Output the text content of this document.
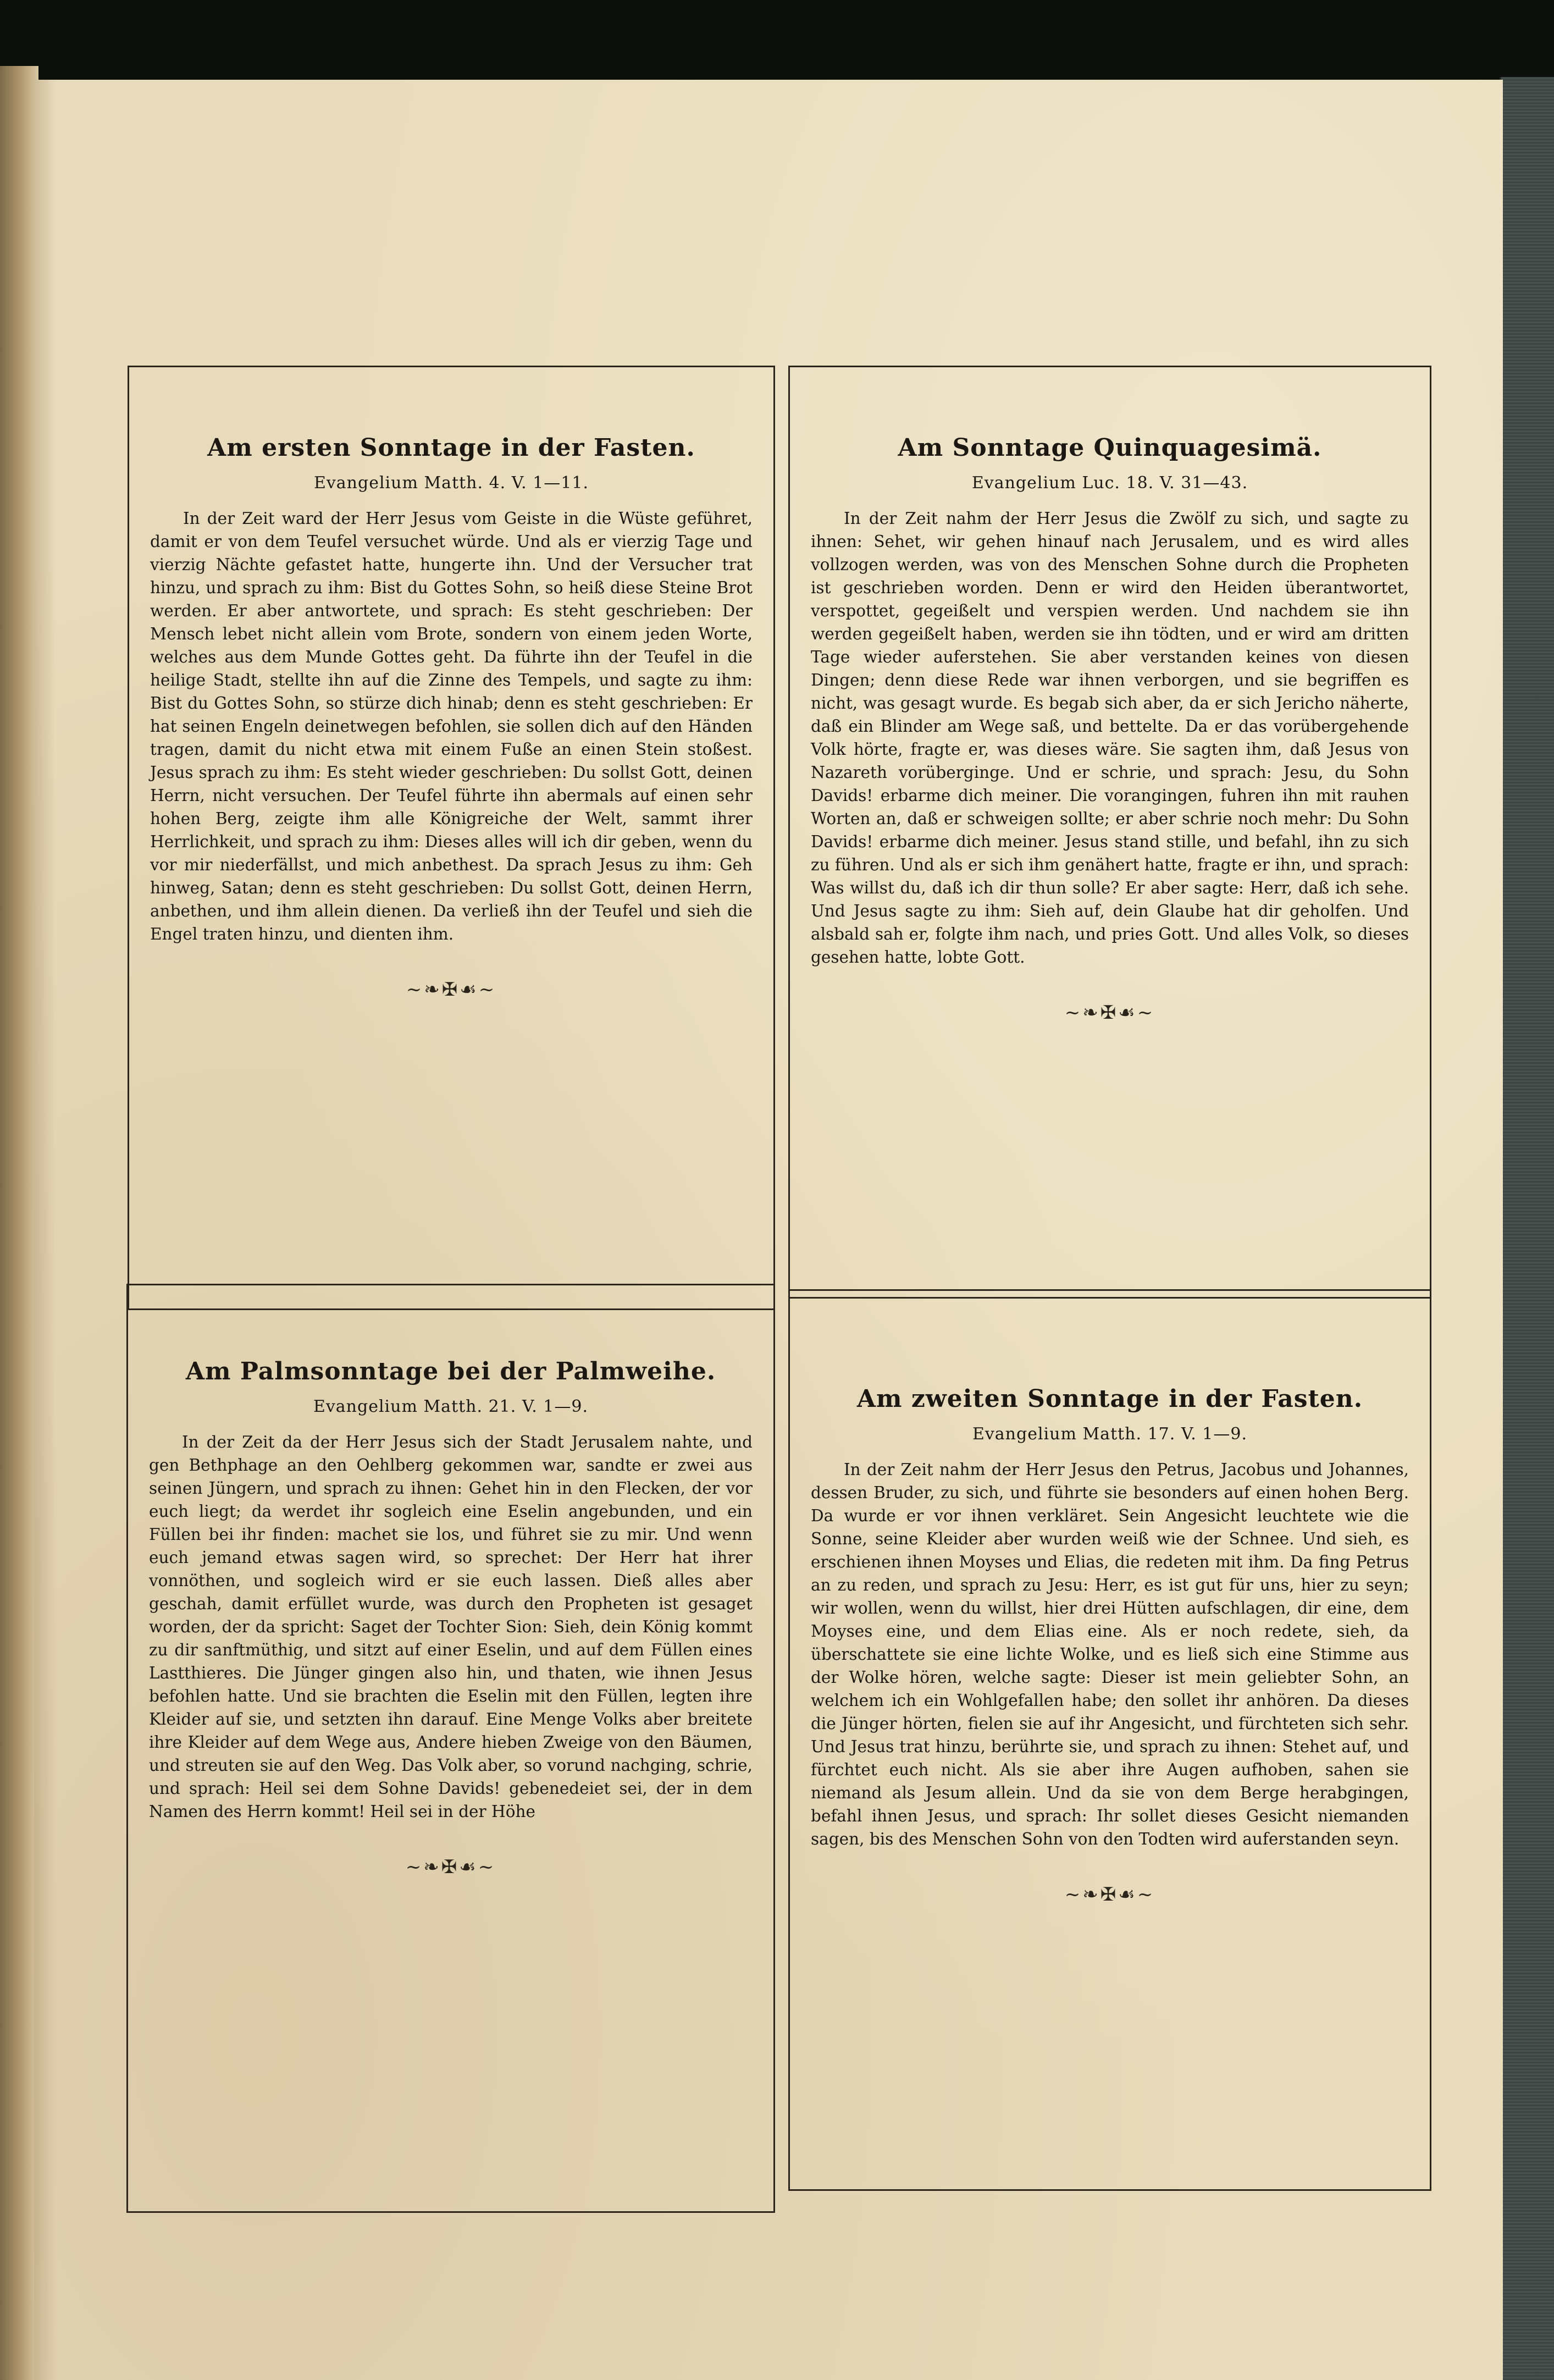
Am ersten Sonntage in der Fasten.
Evangelium Matth. 4. V. 1—11.

In der Zeit ward der Herr Jesus vom Geiste in die Wüste geführet, damit er von dem Teufel versuchet würde. Und als er vierzig Tage und vierzig Nächte gefastet hatte, hungerte ihn. Und der Versucher trat hinzu, und sprach zu ihm: Bist du Gottes Sohn, so heiß diese Steine Brot werden. Er aber antwortete, und sprach: Es steht geschrieben: Der Mensch lebet nicht allein vom Brote, sondern von einem jeden Worte, welches aus dem Munde Gottes geht. Da führte ihn der Teufel in die heilige Stadt, stellte ihn auf die Zinne des Tempels, und sagte zu ihm: Bist du Gottes Sohn, so stürze dich hinab; denn es steht geschrieben: Er hat seinen Engeln deinetwegen befohlen, sie sollen dich auf den Händen tragen, damit du nicht etwa mit einem Fuße an einen Stein stoßest. Jesus sprach zu ihm: Es steht wieder geschrieben: Du sollst Gott, deinen Herrn, nicht versuchen. Der Teufel führte ihn abermals auf einen sehr hohen Berg, zeigte ihm alle Königreiche der Welt, sammt ihrer Herrlichkeit, und sprach zu ihm: Dieses alles will ich dir geben, wenn du vor mir niederfällst, und mich anbethest. Da sprach Jesus zu ihm: Geh hinweg, Satan; denn es steht geschrieben: Du sollst Gott, deinen Herrn, anbethen, und ihm allein dienen. Da verließ ihn der Teufel und sieh die Engel traten hinzu, und dienten ihm.

~❧✠☙~
Am Sonntage Quinquagesimä.
Evangelium Luc. 18. V. 31—43.

In der Zeit nahm der Herr Jesus die Zwölf zu sich, und sagte zu ihnen: Sehet, wir gehen hinauf nach Jerusalem, und es wird alles vollzogen werden, was von des Menschen Sohne durch die Propheten ist geschrieben worden. Denn er wird den Heiden überantwortet, verspottet, gegeißelt und verspien werden. Und nachdem sie ihn werden gegeißelt haben, werden sie ihn tödten, und er wird am dritten Tage wieder auferstehen. Sie aber verstanden keines von diesen Dingen; denn diese Rede war ihnen verborgen, und sie begriffen es nicht, was gesagt wurde. Es begab sich aber, da er sich Jericho näherte, daß ein Blinder am Wege saß, und bettelte. Da er das vorübergehende Volk hörte, fragte er, was dieses wäre. Sie sagten ihm, daß Jesus von Nazareth vorüberginge. Und er schrie, und sprach: Jesu, du Sohn Davids! erbarme dich meiner. Die vorangingen, fuhren ihn mit rauhen Worten an, daß er schweigen sollte; er aber schrie noch mehr: Du Sohn Davids! erbarme dich meiner. Jesus stand stille, und befahl, ihn zu sich zu führen. Und als er sich ihm genähert hatte, fragte er ihn, und sprach: Was willst du, daß ich dir thun solle? Er aber sagte: Herr, daß ich sehe. Und Jesus sagte zu ihm: Sieh auf, dein Glaube hat dir geholfen. Und alsbald sah er, folgte ihm nach, und pries Gott. Und alles Volk, so dieses gesehen hatte, lobte Gott.

~❧✠☙~
Am Palmsonntage bei der Palmweihe.
Evangelium Matth. 21. V. 1—9.

In der Zeit da der Herr Jesus sich der Stadt Jerusalem nahte, und gen Bethphage an den Oehlberg gekommen war, sandte er zwei aus seinen Jüngern, und sprach zu ihnen: Gehet hin in den Flecken, der vor euch liegt; da werdet ihr sogleich eine Eselin angebunden, und ein Füllen bei ihr finden: machet sie los, und führet sie zu mir. Und wenn euch jemand etwas sagen wird, so sprechet: Der Herr hat ihrer vonnöthen, und sogleich wird er sie euch lassen. Dieß alles aber geschah, damit erfüllet wurde, was durch den Propheten ist gesaget worden, der da spricht: Saget der Tochter Sion: Sieh, dein König kommt zu dir sanftmüthig, und sitzt auf einer Eselin, und auf dem Füllen eines Lastthieres. Die Jünger gingen also hin, und thaten, wie ihnen Jesus befohlen hatte. Und sie brachten die Eselin mit den Füllen, legten ihre Kleider auf sie, und setzten ihn darauf. Eine Menge Volks aber breitete ihre Kleider auf dem Wege aus, Andere hieben Zweige von den Bäumen, und streuten sie auf den Weg. Das Volk aber, so vorund nachging, schrie, und sprach: Heil sei dem Sohne Davids! gebenedeiet sei, der in dem Namen des Herrn kommt! Heil sei in der Höhe

~❧✠☙~
Am zweiten Sonntage in der Fasten.
Evangelium Matth. 17. V. 1—9.

In der Zeit nahm der Herr Jesus den Petrus, Jacobus und Johannes, dessen Bruder, zu sich, und führte sie besonders auf einen hohen Berg. Da wurde er vor ihnen verkläret. Sein Angesicht leuchtete wie die Sonne, seine Kleider aber wurden weiß wie der Schnee. Und sieh, es erschienen ihnen Moyses und Elias, die redeten mit ihm. Da fing Petrus an zu reden, und sprach zu Jesu: Herr, es ist gut für uns, hier zu seyn; wir wollen, wenn du willst, hier drei Hütten aufschlagen, dir eine, dem Moyses eine, und dem Elias eine. Als er noch redete, sieh, da überschattete sie eine lichte Wolke, und es ließ sich eine Stimme aus der Wolke hören, welche sagte: Dieser ist mein geliebter Sohn, an welchem ich ein Wohlgefallen habe; den sollet ihr anhören. Da dieses die Jünger hörten, fielen sie auf ihr Angesicht, und fürchteten sich sehr. Und Jesus trat hinzu, berührte sie, und sprach zu ihnen: Stehet auf, und fürchtet euch nicht. Als sie aber ihre Augen aufhoben, sahen sie niemand als Jesum allein. Und da sie von dem Berge herabgingen, befahl ihnen Jesus, und sprach: Ihr sollet dieses Gesicht niemanden sagen, bis des Menschen Sohn von den Todten wird auferstanden seyn.

~❧✠☙~
